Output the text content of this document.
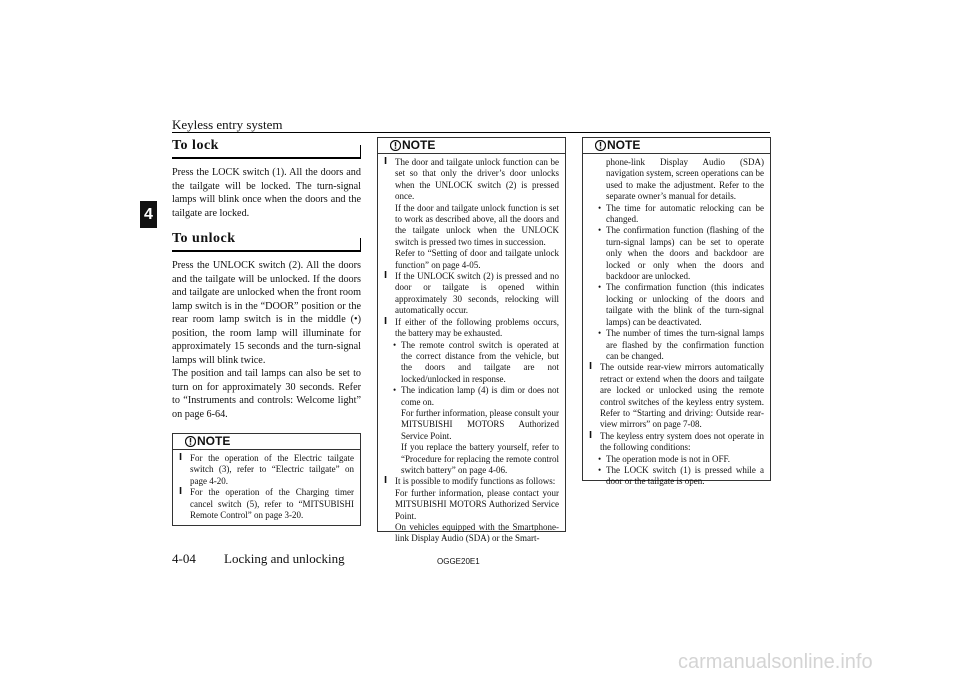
Keyless entry system
4
To lock

Press the LOCK switch (1). All the doors and the tailgate will be locked. The turn-signal lamps will blink once when the doors and the tailgate are locked.

To unlock

Press the UNLOCK switch (2). All the doors and the tailgate will be unlocked. If the doors and tailgate are unlocked when the front room lamp switch is in the “DOOR” position or the rear room lamp switch is in the middle (•) position, the room lamp will illuminate for approximately 15 seconds and the turn-signal lamps will blink twice.

The position and tail lamps can also be set to turn on for approximately 30 seconds. Refer to “Instruments and controls: Welcome light” on page 6-64.

NOTE

l For the operation of the Electric tailgate switch (3), refer to “Electric tailgate” on page 4-20.

l For the operation of the Charging timer cancel switch (5), refer to “MITSUBISHI Remote Control” on page 3-20.

NOTE

l The door and tailgate unlock function can be set so that only the driver’s door unlocks when the UNLOCK switch (2) is pressed once.

If the door and tailgate unlock function is set to work as described above, all the doors and the tailgate unlock when the UNLOCK switch is pressed two times in succession.

Refer to “Setting of door and tailgate unlock function” on page 4-05.

l If the UNLOCK switch (2) is pressed and no door or tailgate is opened within approximately 30 seconds, relocking will automatically occur.

l If either of the following problems occurs, the battery may be exhausted.

• The remote control switch is operated at the correct distance from the vehicle, but the doors and tailgate are not locked/unlocked in response.

• The indication lamp (4) is dim or does not come on.

For further information, please consult your MITSUBISHI MOTORS Authorized Service Point.

If you replace the battery yourself, refer to “Procedure for replacing the remote control switch battery” on page 4-06.

l It is possible to modify functions as follows:

For further information, please contact your MITSUBISHI MOTORS Authorized Service Point.

On vehicles equipped with the Smartphone-link Display Audio (SDA) or the Smart-

NOTE

phone-link Display Audio (SDA) navigation system, screen operations can be used to make the adjustment. Refer to the separate owner’s manual for details.

• The time for automatic relocking can be changed.

• The confirmation function (flashing of the turn-signal lamps) can be set to operate only when the doors and backdoor are locked or only when the doors and backdoor are unlocked.

• The confirmation function (this indicates locking or unlocking of the doors and tailgate with the blink of the turn-signal lamps) can be deactivated.

• The number of times the turn-signal lamps are flashed by the confirmation function can be changed.

l The outside rear-view mirrors automatically retract or extend when the doors and tailgate are locked or unlocked using the remote control switches of the keyless entry system. Refer to “Starting and driving: Outside rear-view mirrors” on page 7-08.

l The keyless entry system does not operate in the following conditions:

• The operation mode is not in OFF.

• The LOCK switch (1) is pressed while a door or the tailgate is open.

4-04 Locking and unlocking	OGGE20E1
carmanualsonline.info
